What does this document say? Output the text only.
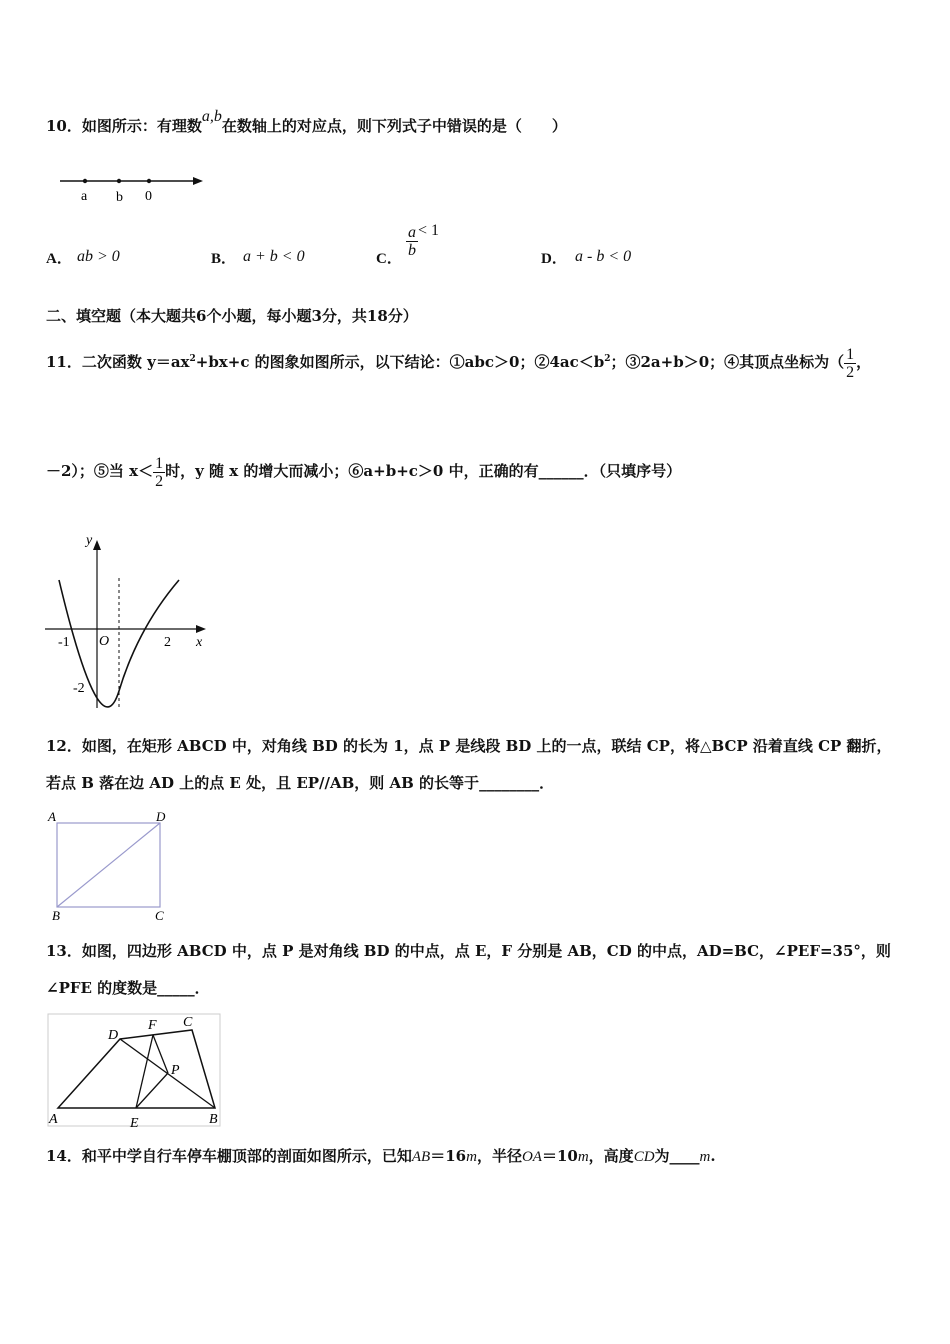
10．如图所示：有理数a,b在数轴上的对应点，则下列式子中错误的是（　　）
a b 0
A． ab > 0	B． a + b < 0	C． $\frac{a}{b} < 1$
D． a - b < 0
二、填空题（本大题共6个小题，每小题3分，共18分）
11．二次函数 $y=ax^2+bx+c$ 的图象如图所示，以下结论：①abc＞0；$②4ac<b^2$；③2a+b＞0；④其顶点坐标为（ $\frac{1}{2}$ ，
－2）；⑤当 $x< \frac{1}{2}$ 时，y 随 x 的增大而减小；⑥a+b+c＞0 中，正确的有______．（只填序号）
y
x
O
-1	2
-2
12．如图，在矩形 ABCD 中，对角线 BD 的长为 1，点 P 是线段 BD 上的一点，联结 CP，将△BCP 沿着直线 CP 翻折，
若点 B 落在边 AD 上的点 E 处，且 EP//AB，则 AB 的长等于________．
A	D
B	C
13．如图，四边形 ABCD 中，点 P 是对角线 BD 的中点，点 E，F 分别是 AB，CD 的中点，AD=BC，∠PEF=35°，则
∠PFE 的度数是_____．
A	B
C
D
E
F
P
14．和平中学自行车停车棚顶部的剖面如图所示，已知AB＝16m，半径OA＝10m，高度CD为____m.
